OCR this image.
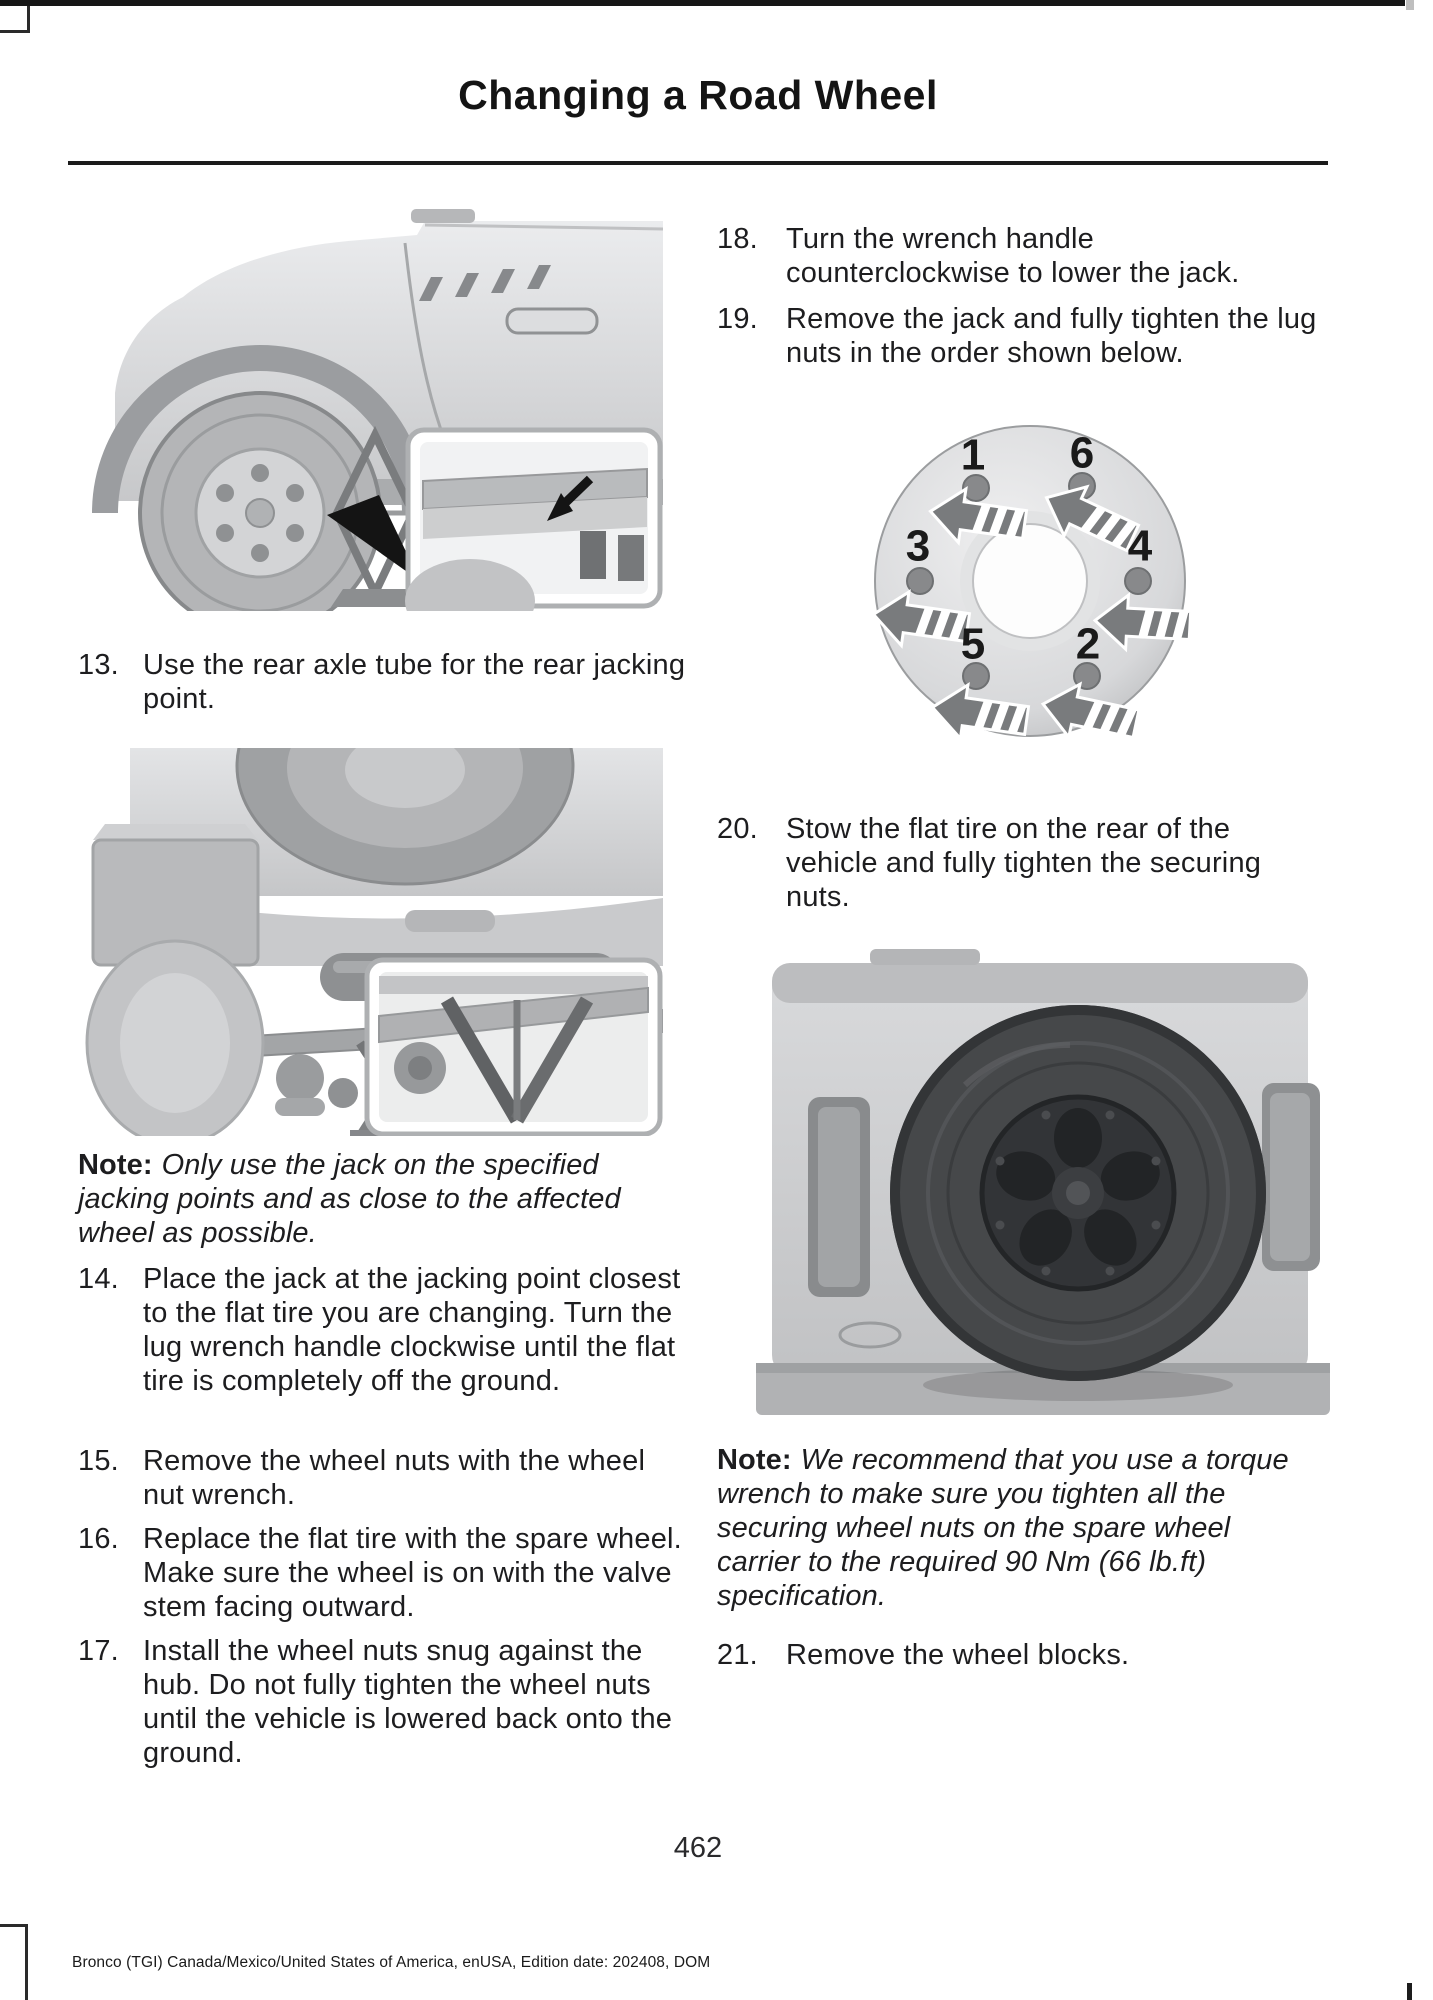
Changing a Road Wheel
13. Use the rear axle tube for the rear jacking point.
Note: Only use the jack on the specified jacking points and as close to the affected wheel as possible.
14. Place the jack at the jacking point closest to the flat tire you are changing. Turn the lug wrench handle clockwise until the flat tire is completely off the ground.
15. Remove the wheel nuts with the wheel nut wrench.
16. Replace the flat tire with the spare wheel. Make sure the wheel is on with the valve stem facing outward.
17. Install the wheel nuts snug against the hub. Do not fully tighten the wheel nuts until the vehicle is lowered back onto the ground.
18. Turn the wrench handle counterclockwise to lower the jack.
19. Remove the jack and fully tighten the lug nuts in the order shown below.
1 6
3	4
5 2
20. Stow the flat tire on the rear of the vehicle and fully tighten the securing nuts.
Note: We recommend that you use a torque wrench to make sure you tighten all the securing wheel nuts on the spare wheel carrier to the required 90 Nm (66 lb.ft) specification.
21. Remove the wheel blocks.
462
Bronco (TGI) Canada/Mexico/United States of America, enUSA, Edition date: 202408, DOM
